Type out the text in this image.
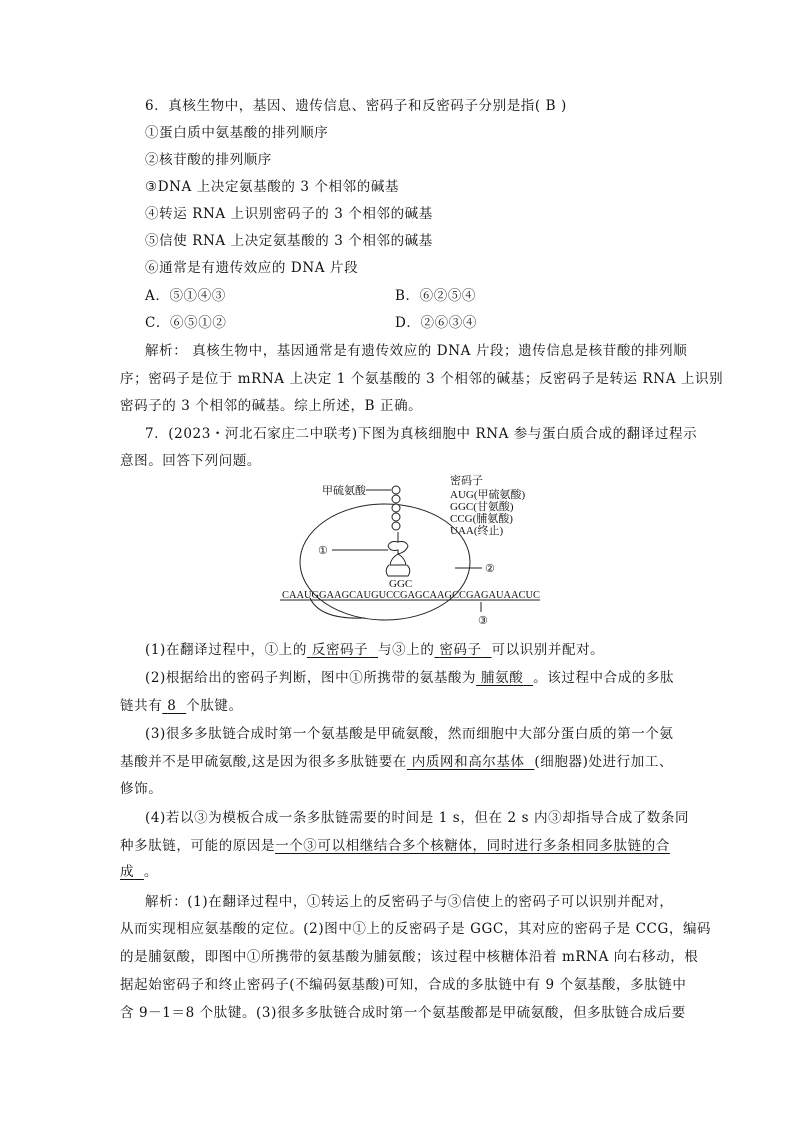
6．真核生物中，基因、遗传信息、密码子和反密码子分别是指( B )
①蛋白质中氨基酸的排列顺序
②核苷酸的排列顺序
③DNA 上决定氨基酸的 3 个相邻的碱基
④转运 RNA 上识别密码子的 3 个相邻的碱基
⑤信使 RNA 上决定氨基酸的 3 个相邻的碱基
⑥通常是有遗传效应的 DNA 片段
A．⑤①④③	B．⑥②⑤④
C．⑥⑤①②	D．②⑥③④
解析： 真核生物中，基因通常是有遗传效应的 DNA 片段；遗传信息是核苷酸的排列顺
序；密码子是位于 mRNA 上决定 1 个氨基酸的 3 个相邻的碱基；反密码子是转运 RNA 上识别
密码子的 3 个相邻的碱基。综上所述，B 正确。
7．(2023・河北石家庄二中联考)下图为真核细胞中 RNA 参与蛋白质合成的翻译过程示
意图。回答下列问题。
GGC
CAAUGGAAGCAUGUCCGAGCAAGCCGAGAUAACUC
甲硫氨酸
①
②
③
密码子
AUG(甲硫氨酸)
GGC(甘氨酸)
CCG(脯氨酸)
UAA(终止)
(1)在翻译过程中，①上的 反密码子 与③上的 密码子 可以识别并配对。
(2)根据给出的密码子判断，图中①所携带的氨基酸为 脯氨酸 。该过程中合成的多肽
链共有 8 个肽键。
(3)很多多肽链合成时第一个氨基酸是甲硫氨酸，然而细胞中大部分蛋白质的第一个氨
基酸并不是甲硫氨酸,这是因为很多多肽链要在 内质网和高尔基体 (细胞器)处进行加工、
修饰。
(4)若以③为模板合成一条多肽链需要的时间是 1 s，但在 2 s 内③却指导合成了数条同
种多肽链，可能的原因是一个③可以相继结合多个核糖体，同时进行多条相同多肽链的合
成 。
解析：(1)在翻译过程中，①转运上的反密码子与③信使上的密码子可以识别并配对，
从而实现相应氨基酸的定位。(2)图中①上的反密码子是 GGC，其对应的密码子是 CCG，编码
的是脯氨酸，即图中①所携带的氨基酸为脯氨酸；该过程中核糖体沿着 mRNA 向右移动，根
据起始密码子和终止密码子(不编码氨基酸)可知，合成的多肽链中有 9 个氨基酸，多肽链中
含 9－1＝8 个肽键。(3)很多多肽链合成时第一个氨基酸都是甲硫氨酸，但多肽链合成后要
